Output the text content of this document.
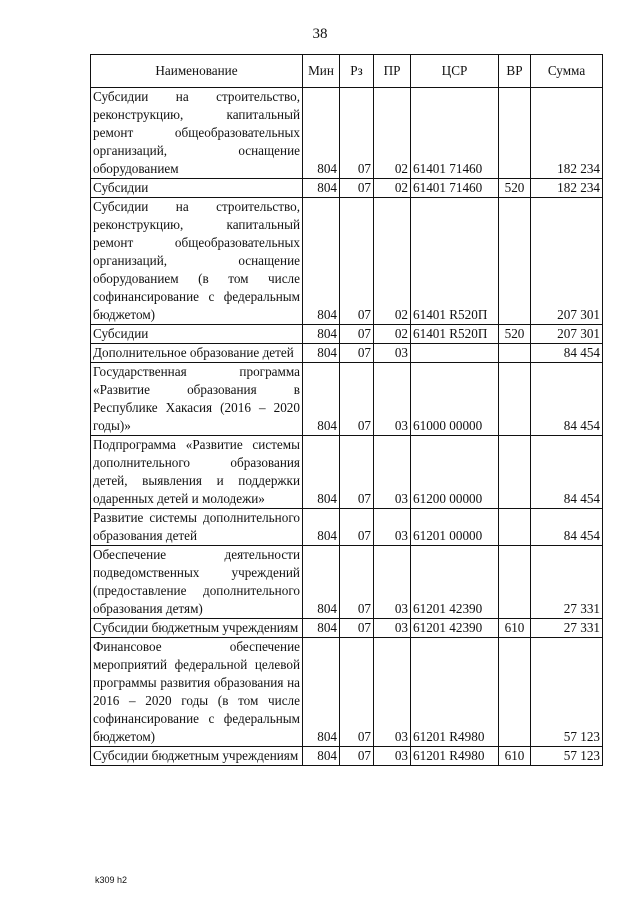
38
Наименование	Мин	Рз	ПР	ЦСР	ВР	Сумма
Субсидии на строительство, реконструкцию, капитальный ремонт общеобразовательных организаций, оснащение оборудованием	804	07	02	61401 71460		182 234
Субсидии	804	07	02	61401 71460	520	182 234
Субсидии на строительство, реконструкцию, капитальный ремонт общеобразовательных организаций, оснащение оборудованием (в том числе софинансирование с федеральным бюджетом)	804	07	02	61401 R520П		207 301
Субсидии	804	07	02	61401 R520П	520	207 301
Дополнительное образование детей	804	07	03			84 454
Государственная программа «Развитие образования в Республике Хакасия (2016 – 2020 годы)»	804	07	03	61000 00000		84 454
Подпрограмма «Развитие системы дополнительного образования детей, выявления и поддержки одаренных детей и молодежи»	804	07	03	61200 00000		84 454
Развитие системы дополнительного образования детей	804	07	03	61201 00000		84 454
Обеспечение деятельности подведомственных учреждений (предоставление дополнительного образования детям)	804	07	03	61201 42390		27 331
Субсидии бюджетным учреждениям	804	07	03	61201 42390	610	27 331
Финансовое обеспечение мероприятий федеральной целевой программы развития образования на 2016 – 2020 годы (в том числе софинансирование с федеральным бюджетом)	804	07	03	61201 R4980		57 123
Субсидии бюджетным учреждениям	804	07	03	61201 R4980	610	57 123
k309 h2
